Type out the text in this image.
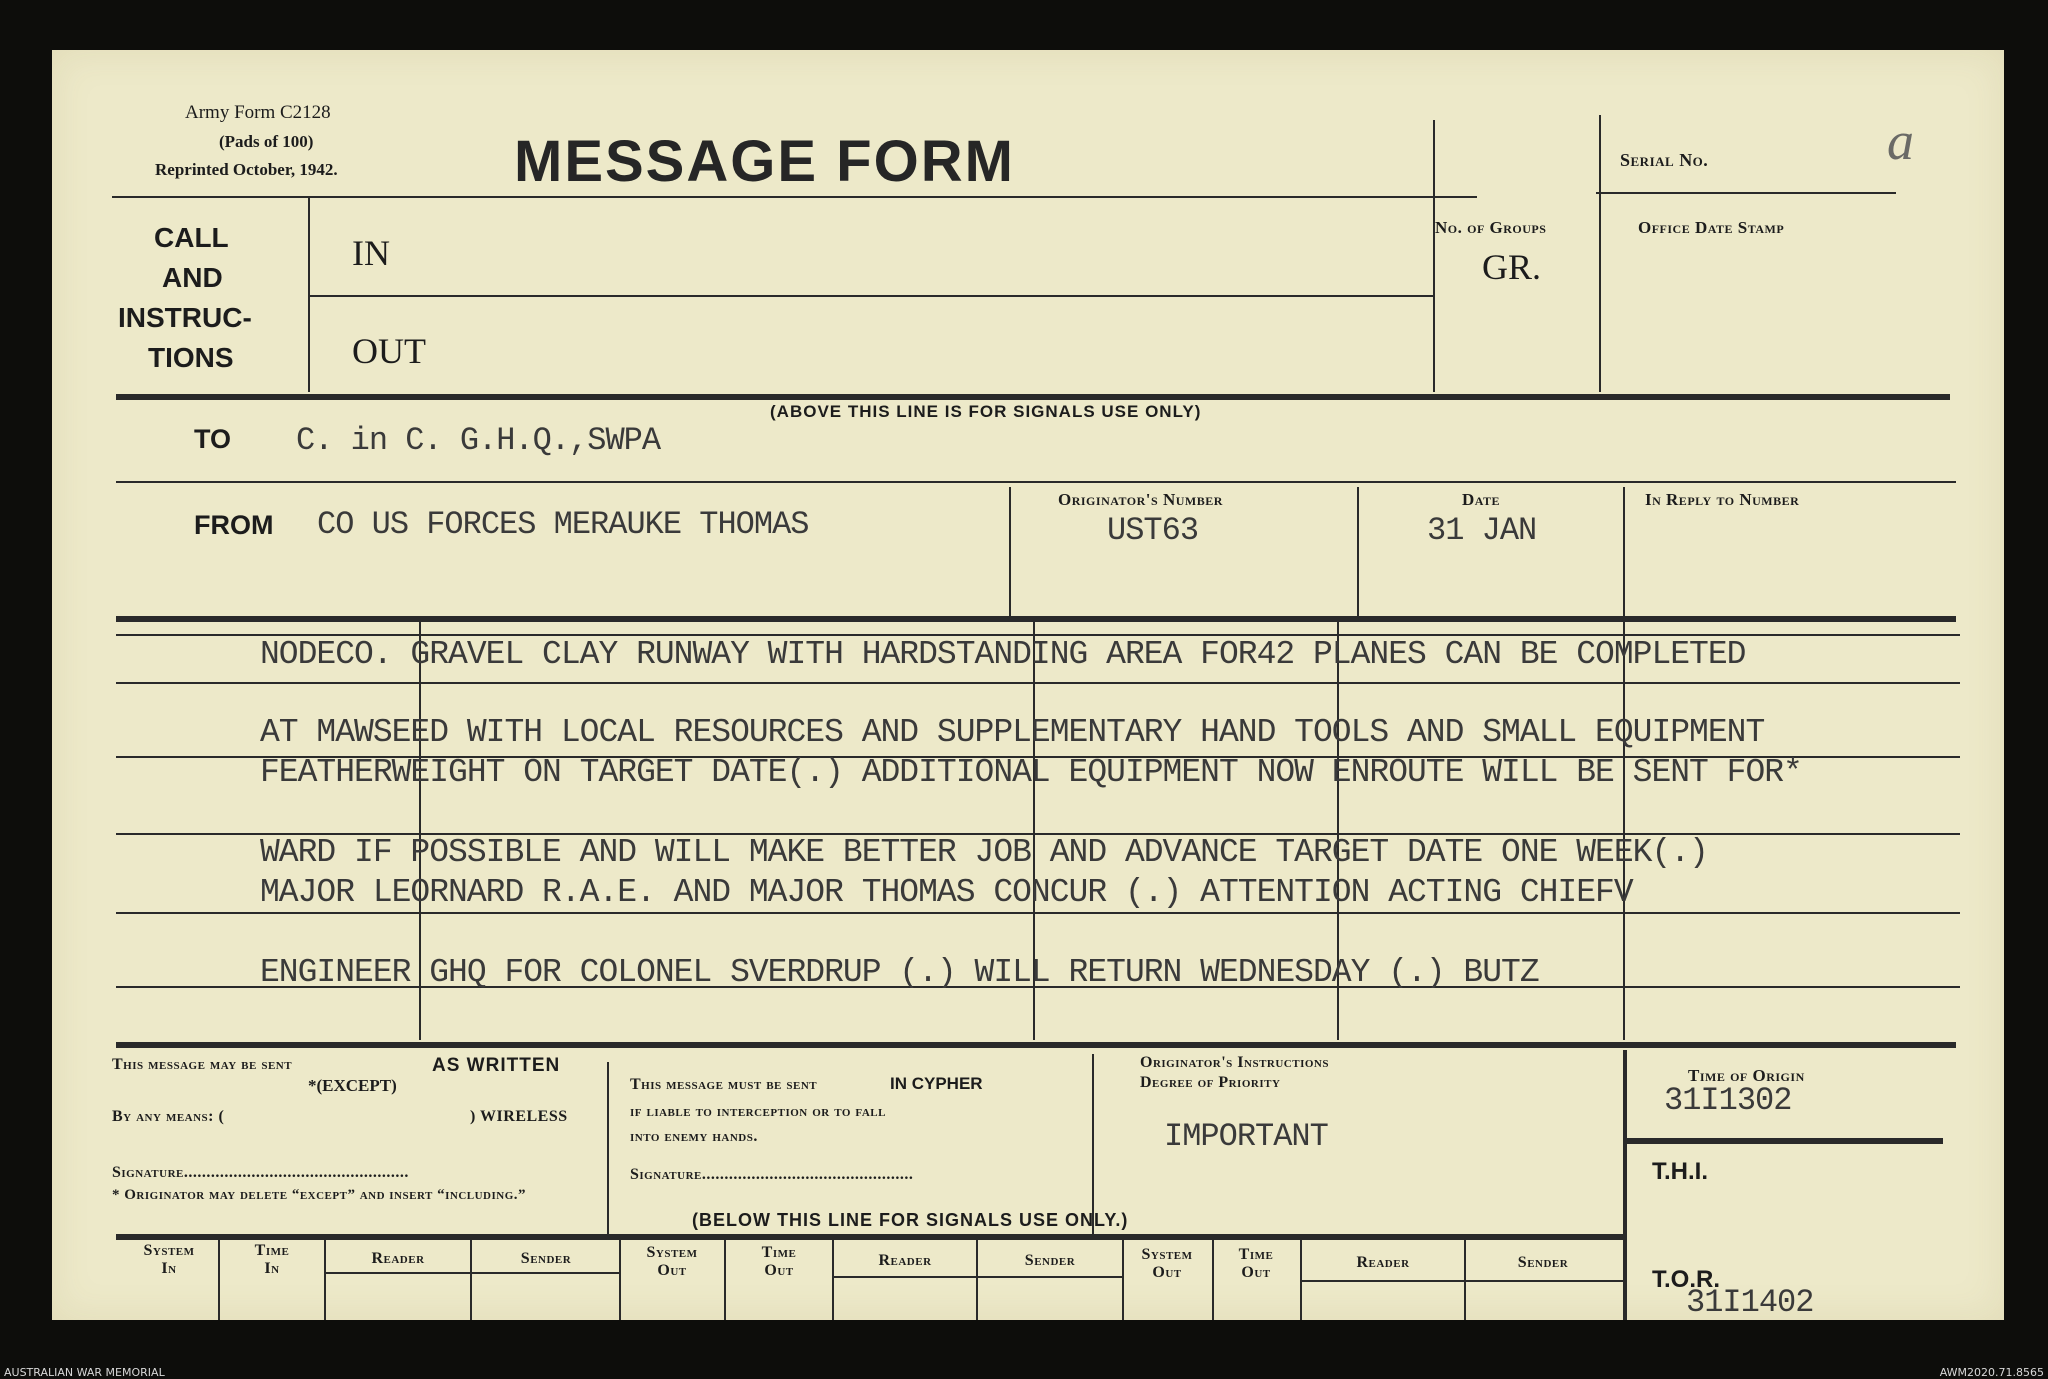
Army Form C2128
(Pads of 100)
Reprinted October, 1942.	MESSAGE FORM	Serial No.	a
CALL
AND
INSTRUC-
TIONS
IN
OUT
No. of Groups
GR.
Office Date Stamp
(ABOVE THIS LINE IS FOR SIGNALS USE ONLY)
TO C. in C. G.H.Q.,SWPA
FROM CO US FORCES MERAUKE THOMAS
Originator's Number
UST63
Date
31 JAN
In Reply to Number
NODECO. GRAVEL CLAY RUNWAY WITH HARDSTANDING AREA FOR42 PLANES CAN BE COMPLETED
AT MAWSEED WITH LOCAL RESOURCES AND SUPPLEMENTARY HAND TOOLS AND SMALL EQUIPMENT
FEATHERWEIGHT ON TARGET DATE(.) ADDITIONAL EQUIPMENT NOW ENROUTE WILL BE SENT FOR*
WARD IF POSSIBLE AND WILL MAKE BETTER JOB AND ADVANCE TARGET DATE ONE WEEK(.)
MAJOR LEORNARD R.A.E. AND MAJOR THOMAS CONCUR (.) ATTENTION ACTING CHIEFV
ENGINEER GHQ FOR COLONEL SVERDRUP (.) WILL RETURN WEDNESDAY (.) BUTZ
This message may be sent	AS WRITTEN
*(EXCEPT)
By any means: (	) WIRELESS
Signature..................................................
* Originator may delete “except” and insert “including.”
This message must be sent	IN CYPHER
if liable to interception or to fall
into enemy hands.
Signature...............................................
Originator's Instructions
Degree of Priority
IMPORTANT
Time of Origin
31I1302
T.H.I.
T.O.R.
31I1402
(BELOW THIS LINE FOR SIGNALS USE ONLY.)
System
In
Time
In
Reader	Sender	System
Out
Time
Out
Reader	Sender	System
Out
Time
Out
Reader	Sender
AUSTRALIAN WAR MEMORIAL	AWM2020.71.8565
